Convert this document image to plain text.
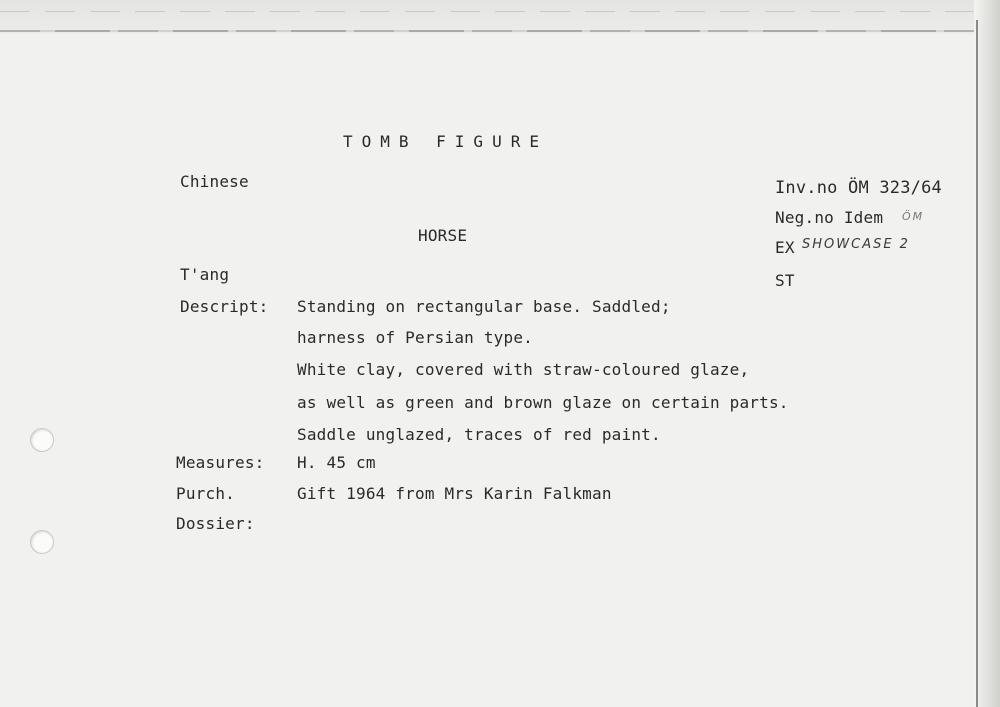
TOMB FIGURE
Chinese
HORSE
T'ang
Inv.no ÖM 323/64
Neg.no Idem ÖM
EX SHOWCASE 2
ST
Descript: Standing on rectangular base. Saddled;
harness of Persian type.
White clay, covered with straw-coloured glaze,
as well as green and brown glaze on certain parts.
Saddle unglazed, traces of red paint.
Measures: H. 45 cm
Purch.	Gift 1964 from Mrs Karin Falkman
Dossier:
